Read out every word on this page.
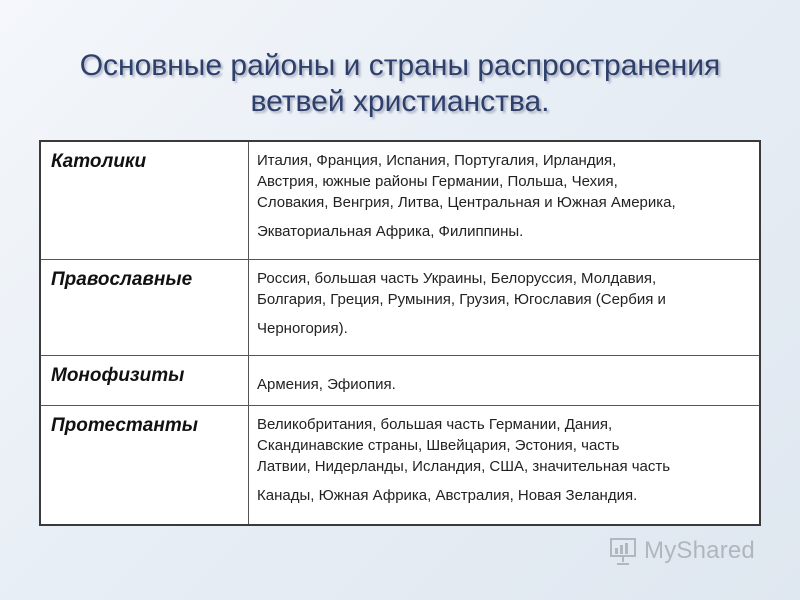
Основные районы и страны распространения
ветвей христианства.
Католики	Италия, Франция, Испания, Португалия, Ирландия,
Австрия, южные районы Германии, Польша, Чехия,
Словакия, Венгрия, Литва, Центральная и Южная Америка,
Экваториальная Африка, Филиппины.

Православные	Россия, большая часть Украины, Белоруссия, Молдавия,
Болгария, Греция, Румыния, Грузия, Югославия (Сербия и
Черногория).

Монофизиты	Армения, Эфиопия.

Протестанты	Великобритания, большая часть Германии, Дания,
Скандинавские страны, Швейцария, Эстония, часть
Латвии, Нидерланды, Исландия, США, значительная часть
Канады, Южная Африка, Австралия, Новая Зеландия.
MyShared
